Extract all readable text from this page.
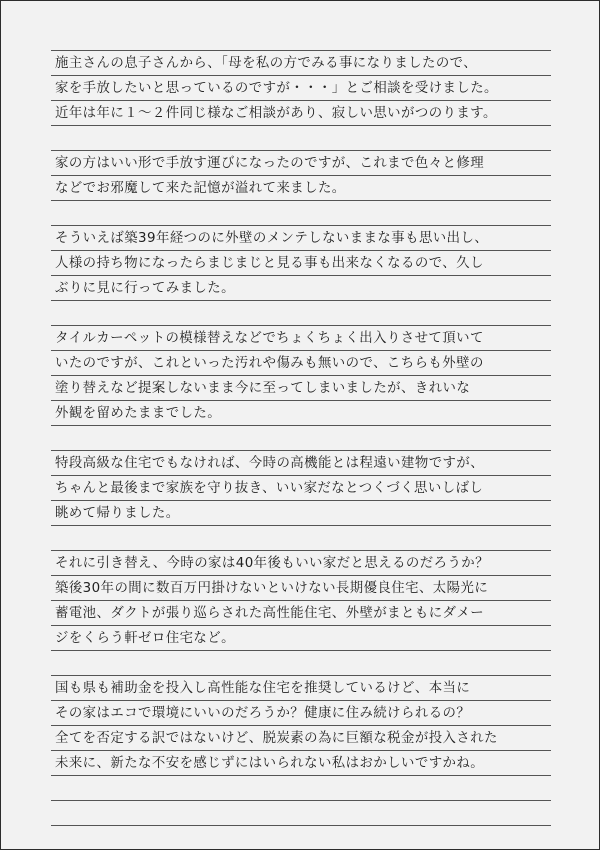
施主さんの息子さんから、「母を私の方でみる事になりましたので、
家を手放したいと思っているのですが・・・」とご相談を受けました。
近年は年に１～２件同じ様なご相談があり、寂しい思いがつのります。
家の方はいい形で手放す運びになったのですが、これまで色々と修理
などでお邪魔して来た記憶が溢れて来ました。
そういえば築39年経つのに外壁のメンテしないままな事も思い出し、
人様の持ち物になったらまじまじと見る事も出来なくなるので、久し
ぶりに見に行ってみました。
タイルカーペットの模様替えなどでちょくちょく出入りさせて頂いて
いたのですが、これといった汚れや傷みも無いので、こちらも外壁の
塗り替えなど提案しないまま今に至ってしまいましたが、きれいな
外観を留めたままでした。
特段高級な住宅でもなければ、今時の高機能とは程遠い建物ですが、
ちゃんと最後まで家族を守り抜き、いい家だなとつくづく思いしばし
眺めて帰りました。
それに引き替え、今時の家は40年後もいい家だと思えるのだろうか？
築後30年の間に数百万円掛けないといけない長期優良住宅、太陽光に
蓄電池、ダクトが張り巡らされた高性能住宅、外壁がまともにダメー
ジをくらう軒ゼロ住宅など。
国も県も補助金を投入し高性能な住宅を推奨しているけど、本当に
その家はエコで環境にいいのだろうか？健康に住み続けられるの？
全てを否定する訳ではないけど、脱炭素の為に巨額な税金が投入された
未来に、新たな不安を感じずにはいられない私はおかしいですかね。
